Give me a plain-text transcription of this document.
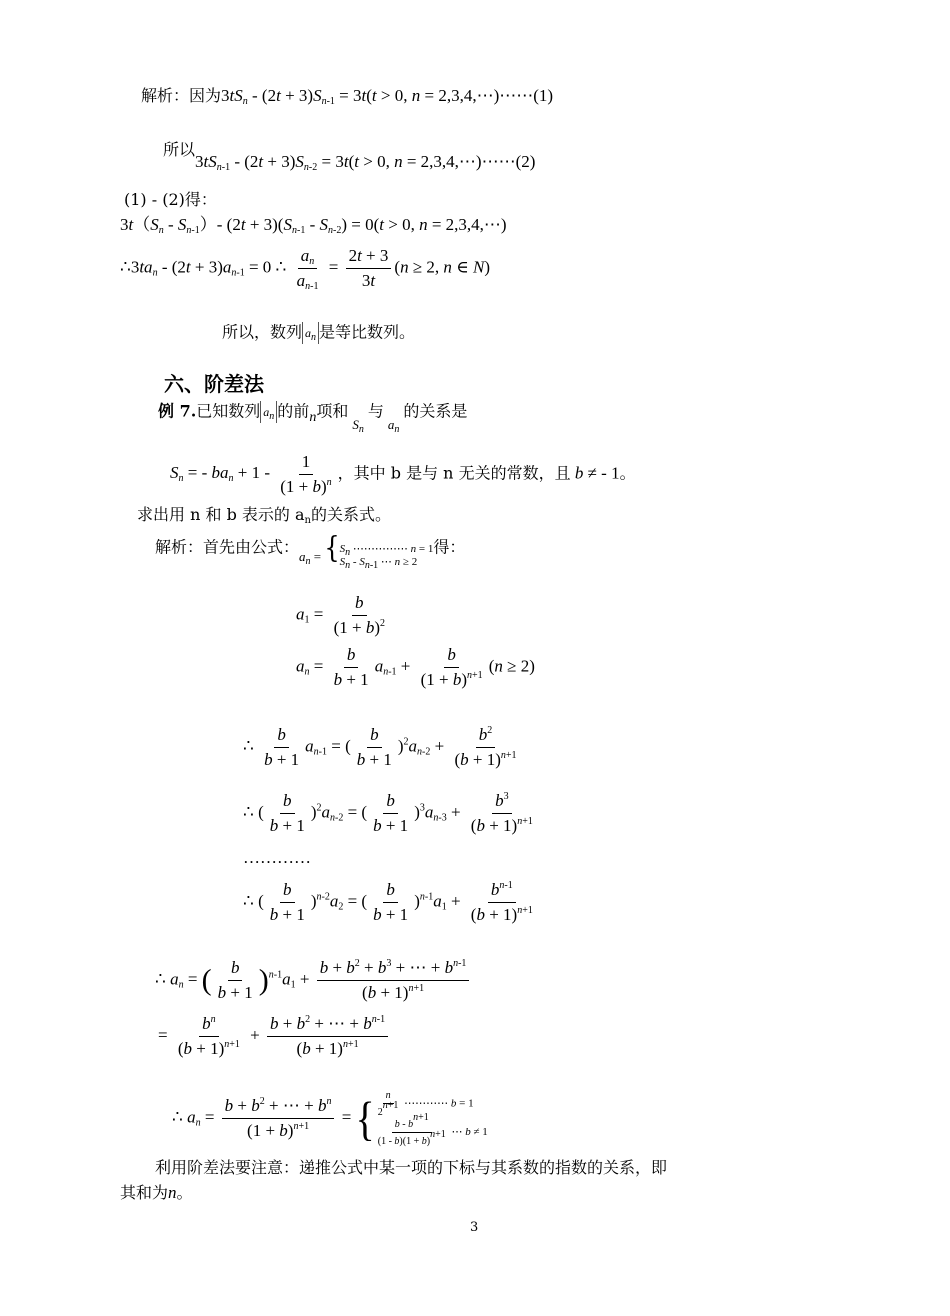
解析：因为$3tS_n - (2t + 3)S_{n-1} = 3t(t > 0$, n = 2,3,4,⋯)⋯⋯(1)
所以$3tS_{n-1} - (2t + 3)S_{n-2} = 3t(t > 0$, n = 2,3,4,⋯)⋯⋯(2)
(1) - (2)得：
$3t(S_n - S_{n-1})-$ $(2t + 3)(S_{n-1} - S_{n-2}) = 0(t > 0$, n = 2,3,4,⋯)
$\therefore 3ta_n - (2t + 3)a_{n-1} = 0$ ∴ $\frac{a_n}{a_{n-1}} = \frac{2t + 3}{3t} (n \ge 2$, n ∈ N)
所以，数列 $a_n$ 是等比数列。
六、阶差法
例 7.已知数列 $a_n$ 的前n项和$_{S_n}$与$_{a_n}$的关系是
$S_n$ = - $ba_n + 1 - \frac{1}{(1 + b)^n}$ ，其中 b 是与 n 无关的常数，且 b ≠ - 1。
求出用 n 和 b 表示的 $a_n$的关系式。
解析：首先由公式：$_{a_n =}$ { $S_n$ ⋯⋯⋯⋯⋯ n = 1
$S_n - S_{n-1}$ ⋯ n ≥ 2
得：
$a_1 = \frac{b}{(1 + b)^2}$
$a_n = \frac{b}{b + 1} a_{n-1} + \frac{b}{(1 + b)^{n+1}} (n \ge 2)$
∴ $\frac{b}{b + 1} a_{n-1}$ = ( $\frac{b}{b + 1} )^2a_{n-2} + \frac{b^2}{(b + 1)^{n+1}}$
∴ ( $\frac{b}{b + 1} )^2a_{n-2}$ = ( $\frac{b}{b + 1} )^3a_{n-3} + \frac{b^3}{(b + 1)^{n+1}}$
…………
∴ ( $\frac{b}{b + 1} )^{n-2}a_2$ = ( $\frac{b}{b + 1} )^{n-1}a_1 + \frac{b^{n-1}}{(b + 1)^{n+1}}$
∴ $a_n$ = ( $\frac{b}{b + 1} )^{n-1}a_1 + \frac{b + b^2 + b^3 + \cdots + b^{n-1}}{(b + 1)^{n+1}}$
= $\frac{b^n}{(b + 1)^{n+1}} + \frac{b + b^2 + \cdots + b^{n-1}}{(b + 1)^{n+1}}$
∴ $a_n = \frac{b + b^2 + \cdots + b^n}{(1 + b)^{n+1}}$ = { $\frac{n}{2^{n+1}}$ ⋯⋯⋯⋯ b = 1
$\frac{b - b^{n+1}}{(1 - b)(1 + b)^{n+1}}$ ⋯ b ≠ 1
利用阶差法要注意：递推公式中某一项的下标与其系数的指数的关系，即
其和为n。
3
